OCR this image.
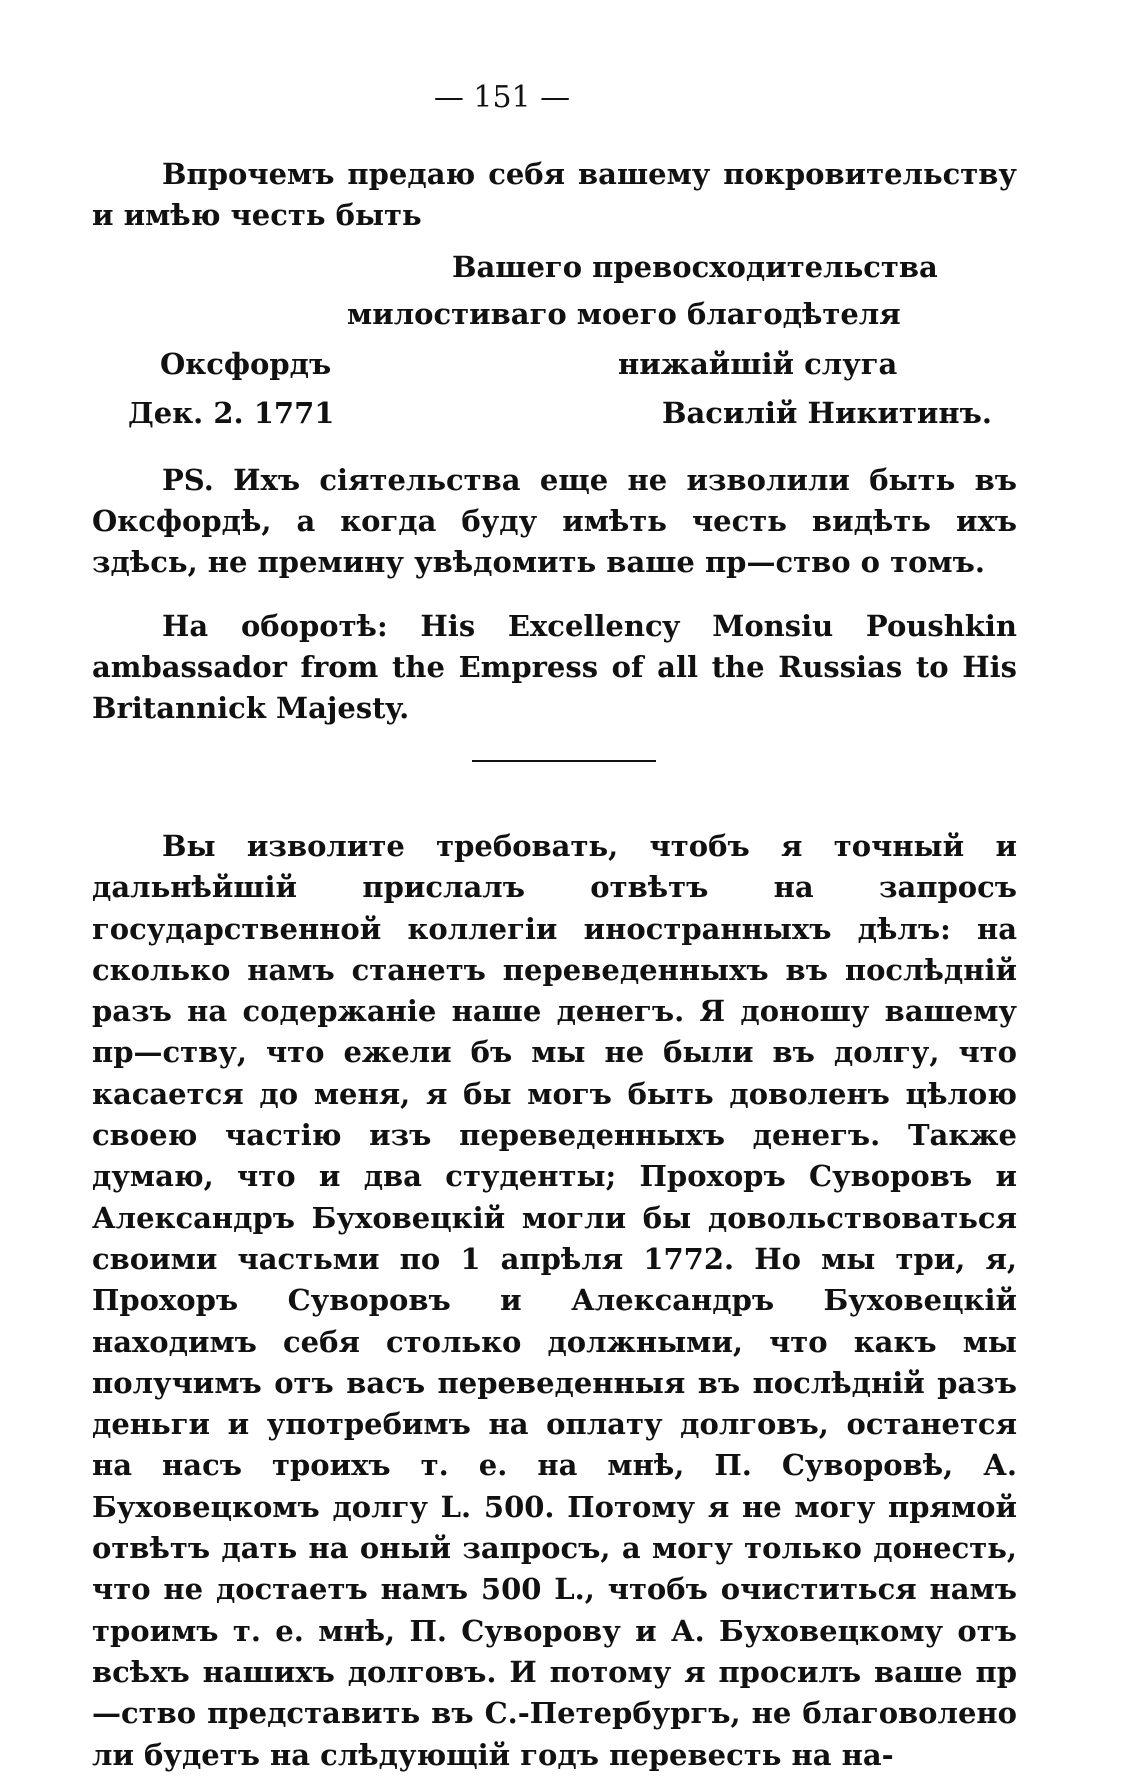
— 151 —

Впрочемъ предаю себя вашему покровительству и имѣю честь быть

Вашего превосходительства
милостиваго моего благодѣтеля
Оксфордъ	нижайшій слуга
Дек. 2. 1771	Василій Никитинъ.

PS. Ихъ сіятельства еще не изволили быть въ Оксфордѣ, а когда буду имѣть честь видѣть ихъ здѣсь, не премину увѣдомить ваше пр—ство о томъ.

На оборотѣ: His Excellency Monsiu Poushkin ambassador from the Empress of all the Russias to His Britannick Majesty.

Вы изволите требовать, чтобъ я точный и дальнѣйшій прислалъ отвѣтъ на запросъ государственной коллегіи иностранныхъ дѣлъ: на сколько намъ станетъ переведенныхъ въ послѣдній разъ на содержаніе наше денегъ. Я доношу вашему пр—ству, что ежели бъ мы не были въ долгу, что касается до меня, я бы могъ быть доволенъ цѣлою своею частію изъ переведенныхъ денегъ. Также думаю, что и два студенты; Прохоръ Суворовъ и Александръ Буховецкій могли бы довольствоваться своими частьми по 1 апрѣля 1772. Но мы три, я, Прохоръ Суворовъ и Александръ Буховецкій находимъ себя столько должными, что какъ мы получимъ отъ васъ переведенныя въ послѣдній разъ деньги и употребимъ на оплату долговъ, останется на насъ троихъ т. е. на мнѣ, П. Суворовѣ, А. Буховецкомъ долгу L. 500. Потому я не могу прямой отвѣтъ дать на оный запросъ, а могу только донесть, что не достаетъ намъ 500 L., чтобъ очиститься намъ троимъ т. е. мнѣ, П. Суворову и А. Буховецкому отъ всѣхъ нашихъ долговъ. И потому я просилъ ваше пр—ство представить въ С.-Петербургъ, не благоволено ли будетъ на слѣдующій годъ перевесть на на-
